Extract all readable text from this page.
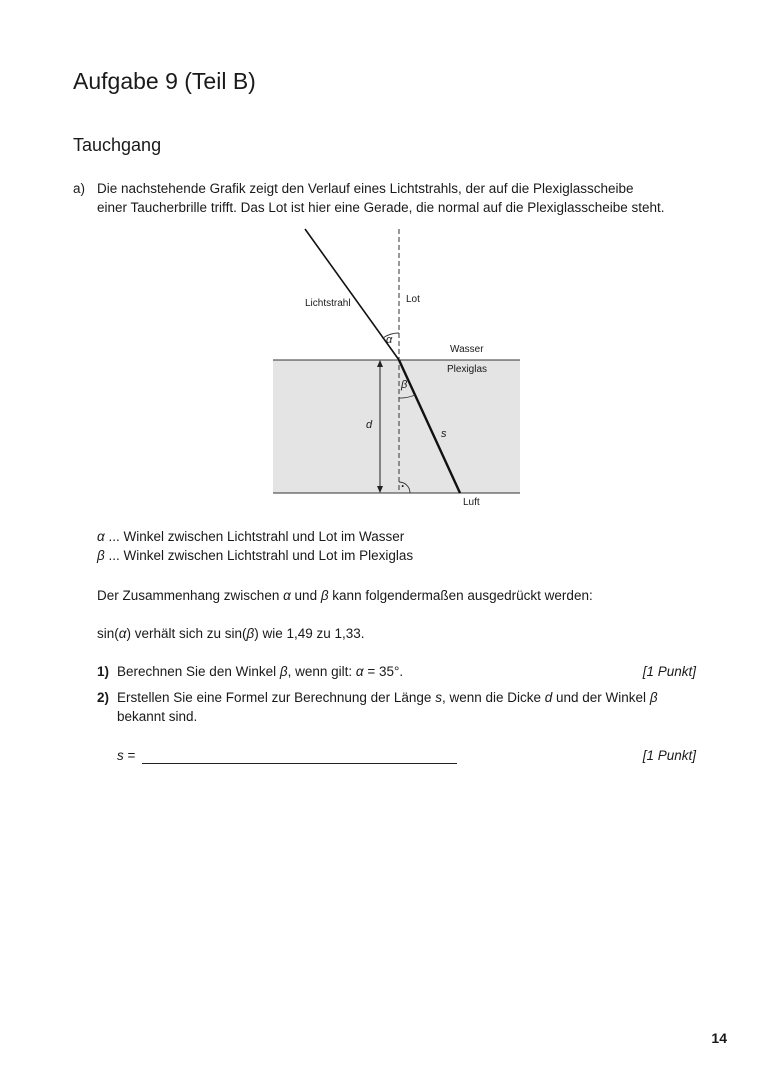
Aufgabe 9 (Teil B)
Tauchgang
a) Die nachstehende Grafik zeigt den Verlauf eines Lichtstrahls, der auf die Plexiglasscheibe
einer Taucherbrille trifft. Das Lot ist hier eine Gerade, die normal auf die Plexiglasscheibe steht.
Lichtstrahl	Lot
Wasser
Plexiglas
Luft
α
β
d
s
·
α ... Winkel zwischen Lichtstrahl und Lot im Wasser
β ... Winkel zwischen Lichtstrahl und Lot im Plexiglas
Der Zusammenhang zwischen α und β kann folgendermaßen ausgedrückt werden:
sin(α) verhält sich zu sin(β) wie 1,49 zu 1,33.
1) Berechnen Sie den Winkel β, wenn gilt: α = 35°.	[1 Punkt]
2) Erstellen Sie eine Formel zur Berechnung der Länge s, wenn die Dicke d und der Winkel β
bekannt sind.
s =	[1 Punkt]
14
